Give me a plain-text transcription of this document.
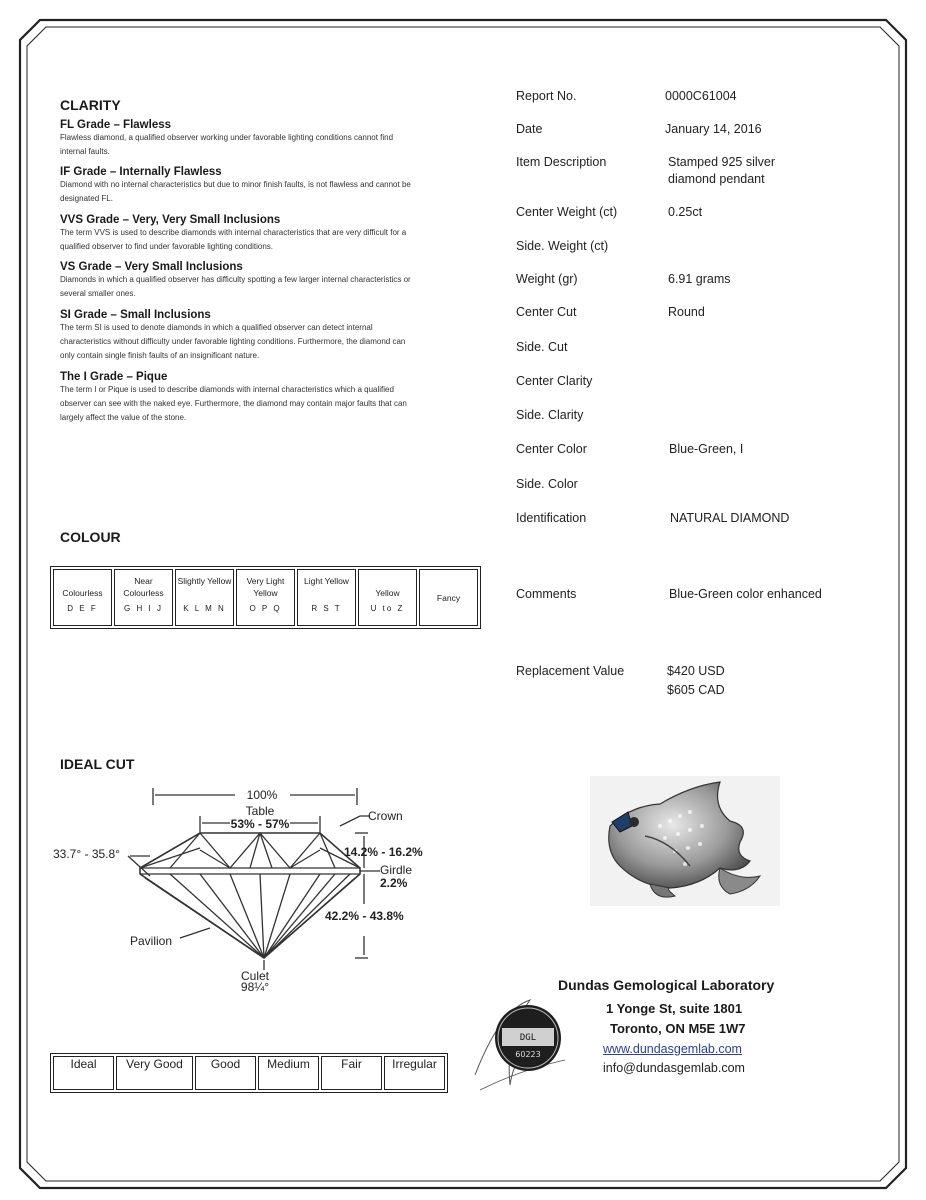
CLARITY
FL Grade – Flawless
Flawless diamond, a qualified observer working under favorable lighting conditions cannot find internal faults.
IF Grade – Internally Flawless
Diamond with no internal characteristics but due to minor finish faults, is not flawless and cannot be designated FL.
VVS Grade – Very, Very Small Inclusions
The term VVS is used to describe diamonds with internal characteristics that are very difficult for a qualified observer to find under favorable lighting conditions.
VS Grade – Very Small Inclusions
Diamonds in which a qualified observer has difficulty spotting a few larger internal characteristics or several smaller ones.
SI Grade – Small Inclusions
The term SI is used to denote diamonds in which a qualified observer can detect internal characteristics without difficulty under favorable lighting conditions. Furthermore, the diamond can only contain single finish faults of an insignificant nature.
The I Grade – Pique
The term I or Pique is used to describe diamonds with internal characteristics which a qualified observer can see with the naked eye. Furthermore, the diamond may contain major faults that can largely affect the value of the stone.
COLOUR
Colourless
D E F

Near Colourless
G H I J

Slightly Yellow
K L M N

Very Light Yellow
O P Q

Light Yellow
R S T

Yellow
U to Z

Fancy
IDEAL CUT
100%
Table
53% - 57%
Crown
33.7° - 35.8°	14.2% - 16.2%
Girdle
2.2%
42.2% - 43.8%
Pavilion
Culet
98¼°
Ideal	Very Good	Good	Medium	Fair	Irregular
Report No.	0000C61004
Date	January 14, 2016
Item Description	Stamped 925 silver
diamond pendant
Center Weight (ct)	0.25ct
Side. Weight (ct)
Weight (gr)	6.91 grams
Center Cut	Round
Side. Cut
Center Clarity
Side. Clarity
Center Color	Blue-Green, I
Side. Color
Identification	NATURAL DIAMOND
Comments	Blue-Green color enhanced
Replacement Value	$420 USD
$605 CAD
Dundas Gemological Laboratory
1 Yonge St, suite 1801
Toronto, ON M5E 1W7
www.dundasgemlab.com
info@dundasgemlab.com
DGL
60223
